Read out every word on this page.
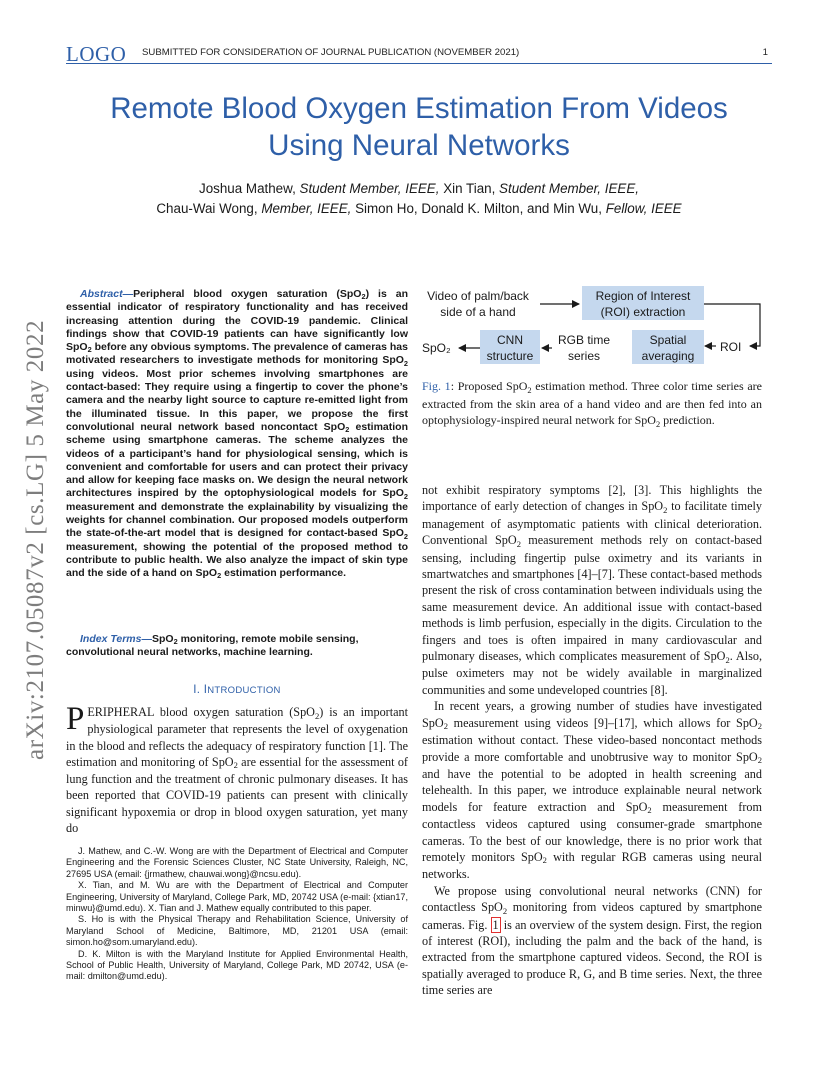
LOGO SUBMITTED FOR CONSIDERATION OF JOURNAL PUBLICATION (NOVEMBER 2021)	1
arXiv:2107.05087v2 [cs.LG] 5 May 2022
Remote Blood Oxygen Estimation From Videos
Using Neural Networks
Joshua Mathew, Student Member, IEEE, Xin Tian, Student Member, IEEE,
Chau-Wai Wong, Member, IEEE, Simon Ho, Donald K. Milton, and Min Wu, Fellow, IEEE
Abstract—Peripheral blood oxygen saturation (SpO$_2$) is an essential indicator of respiratory functionality and has received increasing attention during the COVID-19 pandemic. Clinical findings show that COVID-19 patients can have significantly low SpO$_2$ before any obvious symptoms. The prevalence of cameras has motivated researchers to investigate methods for monitoring SpO$_2$ using videos. Most prior schemes involving smartphones are contact-based: They require using a fingertip to cover the phone’s camera and the nearby light source to capture re-emitted light from the illuminated tissue. In this paper, we propose the first convolutional neural network based noncontact SpO$_2$ estimation scheme using smartphone cameras. The scheme analyzes the videos of a participant’s hand for physiological sensing, which is convenient and comfortable for users and can protect their privacy and allow for keeping face masks on. We design the neural network architectures inspired by the optophysiological models for SpO$_2$ measurement and demonstrate the explainability by visualizing the weights for channel combination. Our proposed models outperform the state-of-the-art model that is designed for contact-based SpO$_2$ measurement, showing the potential of the proposed method to contribute to public health. We also analyze the impact of skin type and the side of a hand on SpO$_2$ estimation performance.
Index Terms—SpO$_2$ monitoring, remote mobile sensing, convolutional neural networks, machine learning.
I. INTRODUCTION
PERIPHERAL blood oxygen saturation (SpO$_2$) is an important physiological parameter that represents the level of oxygenation in the blood and reflects the adequacy of respiratory function [1]. The estimation and monitoring of SpO$_2$ are essential for the assessment of lung function and the treatment of chronic pulmonary diseases. It has been reported that COVID-19 patients can present with clinically significant hypoxemia or drop in blood oxygen saturation, yet many do

J. Mathew, and C.-W. Wong are with the Department of Electrical and Computer Engineering and the Forensic Sciences Cluster, NC State University, Raleigh, NC, 27695 USA (email: {jrmathew, chauwai.wong}@ncsu.edu).

X. Tian, and M. Wu are with the Department of Electrical and Computer Engineering, University of Maryland, College Park, MD, 20742 USA (e-mail: {xtian17, minwu}@umd.edu). X. Tian and J. Mathew equally contributed to this paper.

S. Ho is with the Physical Therapy and Rehabilitation Science, University of Maryland School of Medicine, Baltimore, MD, 21201 USA (email: simon.ho@som.umaryland.edu).

D. K. Milton is with the Maryland Institute for Applied Environmental Health, School of Public Health, University of Maryland, College Park, MD 20742, USA (e-mail: dmilton@umd.edu).

Video of palm/back
side of a hand
Region of Interest
(ROI) extraction
ROI
Spatial
averaging
RGB time
series
CNN
structure
SpO₂
Fig. 1: Proposed SpO$_2$ estimation method. Three color time series are extracted from the skin area of a hand video and are then fed into an optophysiology-inspired neural network for SpO$_2$ prediction.

not exhibit respiratory symptoms [2], [3]. This highlights the importance of early detection of changes in SpO$_2$ to facilitate timely management of asymptomatic patients with clinical deterioration. Conventional SpO$_2$ measurement methods rely on contact-based sensing, including fingertip pulse oximetry and its variants in smartwatches and smartphones [4]–[7]. These contact-based methods present the risk of cross contamination between individuals using the same measurement device. An additional issue with contact-based methods is limb perfusion, especially in the digits. Circulation to the fingers and toes is often impaired in many cardiovascular and pulmonary diseases, which complicates measurement of SpO$_2$. Also, pulse oximeters may not be widely available in marginalized communities and some undeveloped countries [8].

In recent years, a growing number of studies have investigated SpO$_2$ measurement using videos [9]–[17], which allows for SpO$_2$ estimation without contact. These video-based noncontact methods provide a more comfortable and unobtrusive way to monitor SpO$_2$ and have the potential to be adopted in health screening and telehealth. In this paper, we introduce explainable neural network models for feature extraction and SpO$_2$ measurement from contactless videos captured using consumer-grade smartphone cameras. To the best of our knowledge, there is no prior work that remotely monitors SpO$_2$ with regular RGB cameras using neural networks.

We propose using convolutional neural networks (CNN) for contactless SpO$_2$ monitoring from videos captured by smartphone cameras. Fig. 1 is an overview of the system design. First, the region of interest (ROI), including the palm and the back of the hand, is extracted from the smartphone captured videos. Second, the ROI is spatially averaged to produce R, G, and B time series. Next, the three time series are
